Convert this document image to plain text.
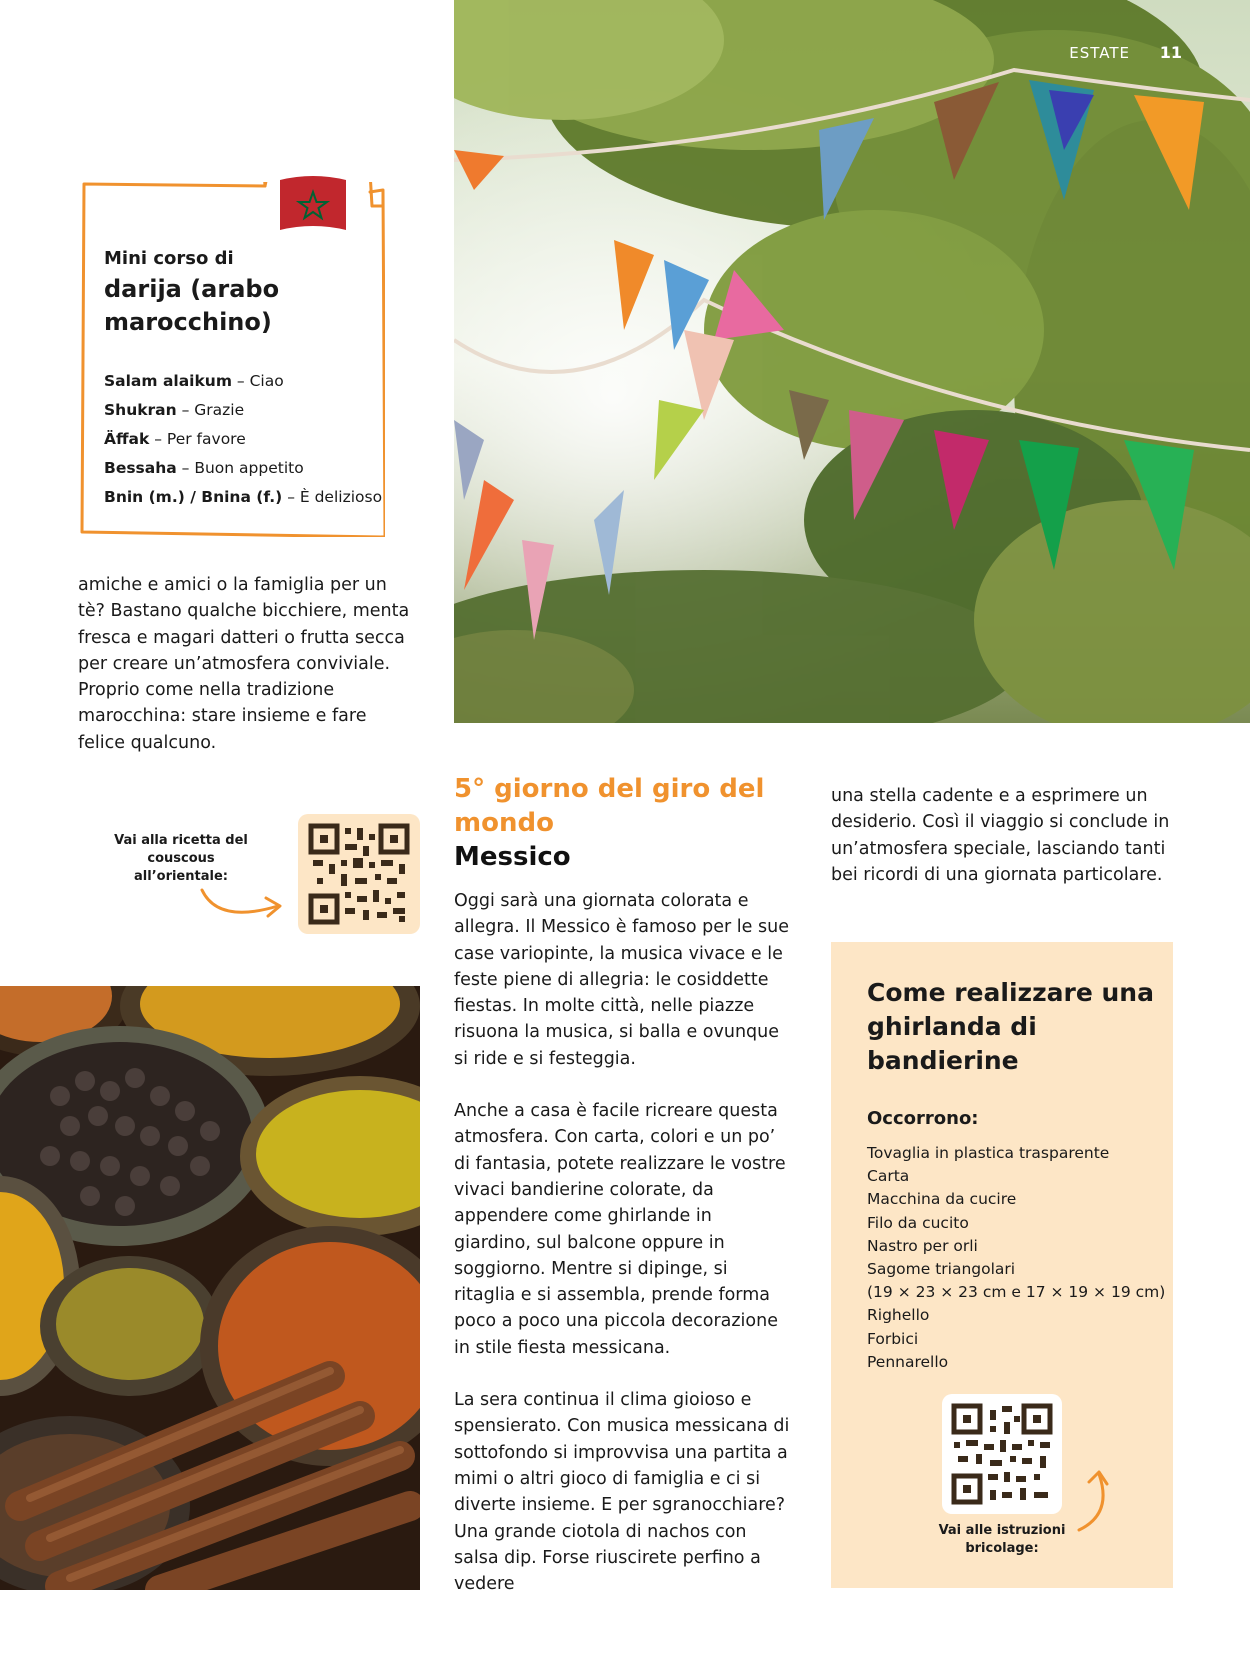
ESTATE 11
Mini corso di
darija (arabo marocchino)
Salam alaikum – Ciao
Shukran – Grazie
Äffak – Per favore
Bessaha – Buon appetito
Bnin (m.) / Bnina (f.) – È delizioso
amiche e amici o la famiglia per un tè? Bastano qualche bicchiere, menta fresca e magari datteri o frutta secca per creare un’atmosfera conviviale. Proprio come nella tradizione marocchina: stare insieme e fare felice qualcuno.
Vai alla ricetta del couscous all’orientale:
5° giorno del giro del mondo
Messico

Oggi sarà una giornata colorata e allegra. Il Messico è famoso per le sue case variopinte, la musica vivace e le feste piene di allegria: le cosiddette fiestas. In molte città, nelle piazze risuona la musica, si balla e ovunque si ride e si festeggia.

Anche a casa è facile ricreare questa atmosfera. Con carta, colori e un po’ di fantasia, potete realizzare le vostre vivaci bandierine colorate, da appendere come ghirlande in giardino, sul balcone oppure in soggiorno. Mentre si dipinge, si ritaglia e si assembla, prende forma poco a poco una piccola decorazione in stile fiesta messicana.

La sera continua il clima gioioso e spensierato. Con musica messicana di sottofondo si improvvisa una partita a mimi o altri gioco di famiglia e ci si diverte insieme. E per sgranocchiare? Una grande ciotola di nachos con salsa dip. Forse riuscirete perfino a vedere

una stella cadente e a esprimere un desiderio. Così il viaggio si conclude in un’atmosfera speciale, lasciando tanti bei ricordi di una giornata particolare.
Come realizzare una ghirlanda di bandierine
Occorrono:
Tovaglia in plastica trasparente
Carta
Macchina da cucire
Filo da cucito
Nastro per orli
Sagome triangolari
(19 × 23 × 23 cm e 17 × 19 × 19 cm)
Righello
Forbici
Pennarello
Vai alle istruzioni bricolage:
